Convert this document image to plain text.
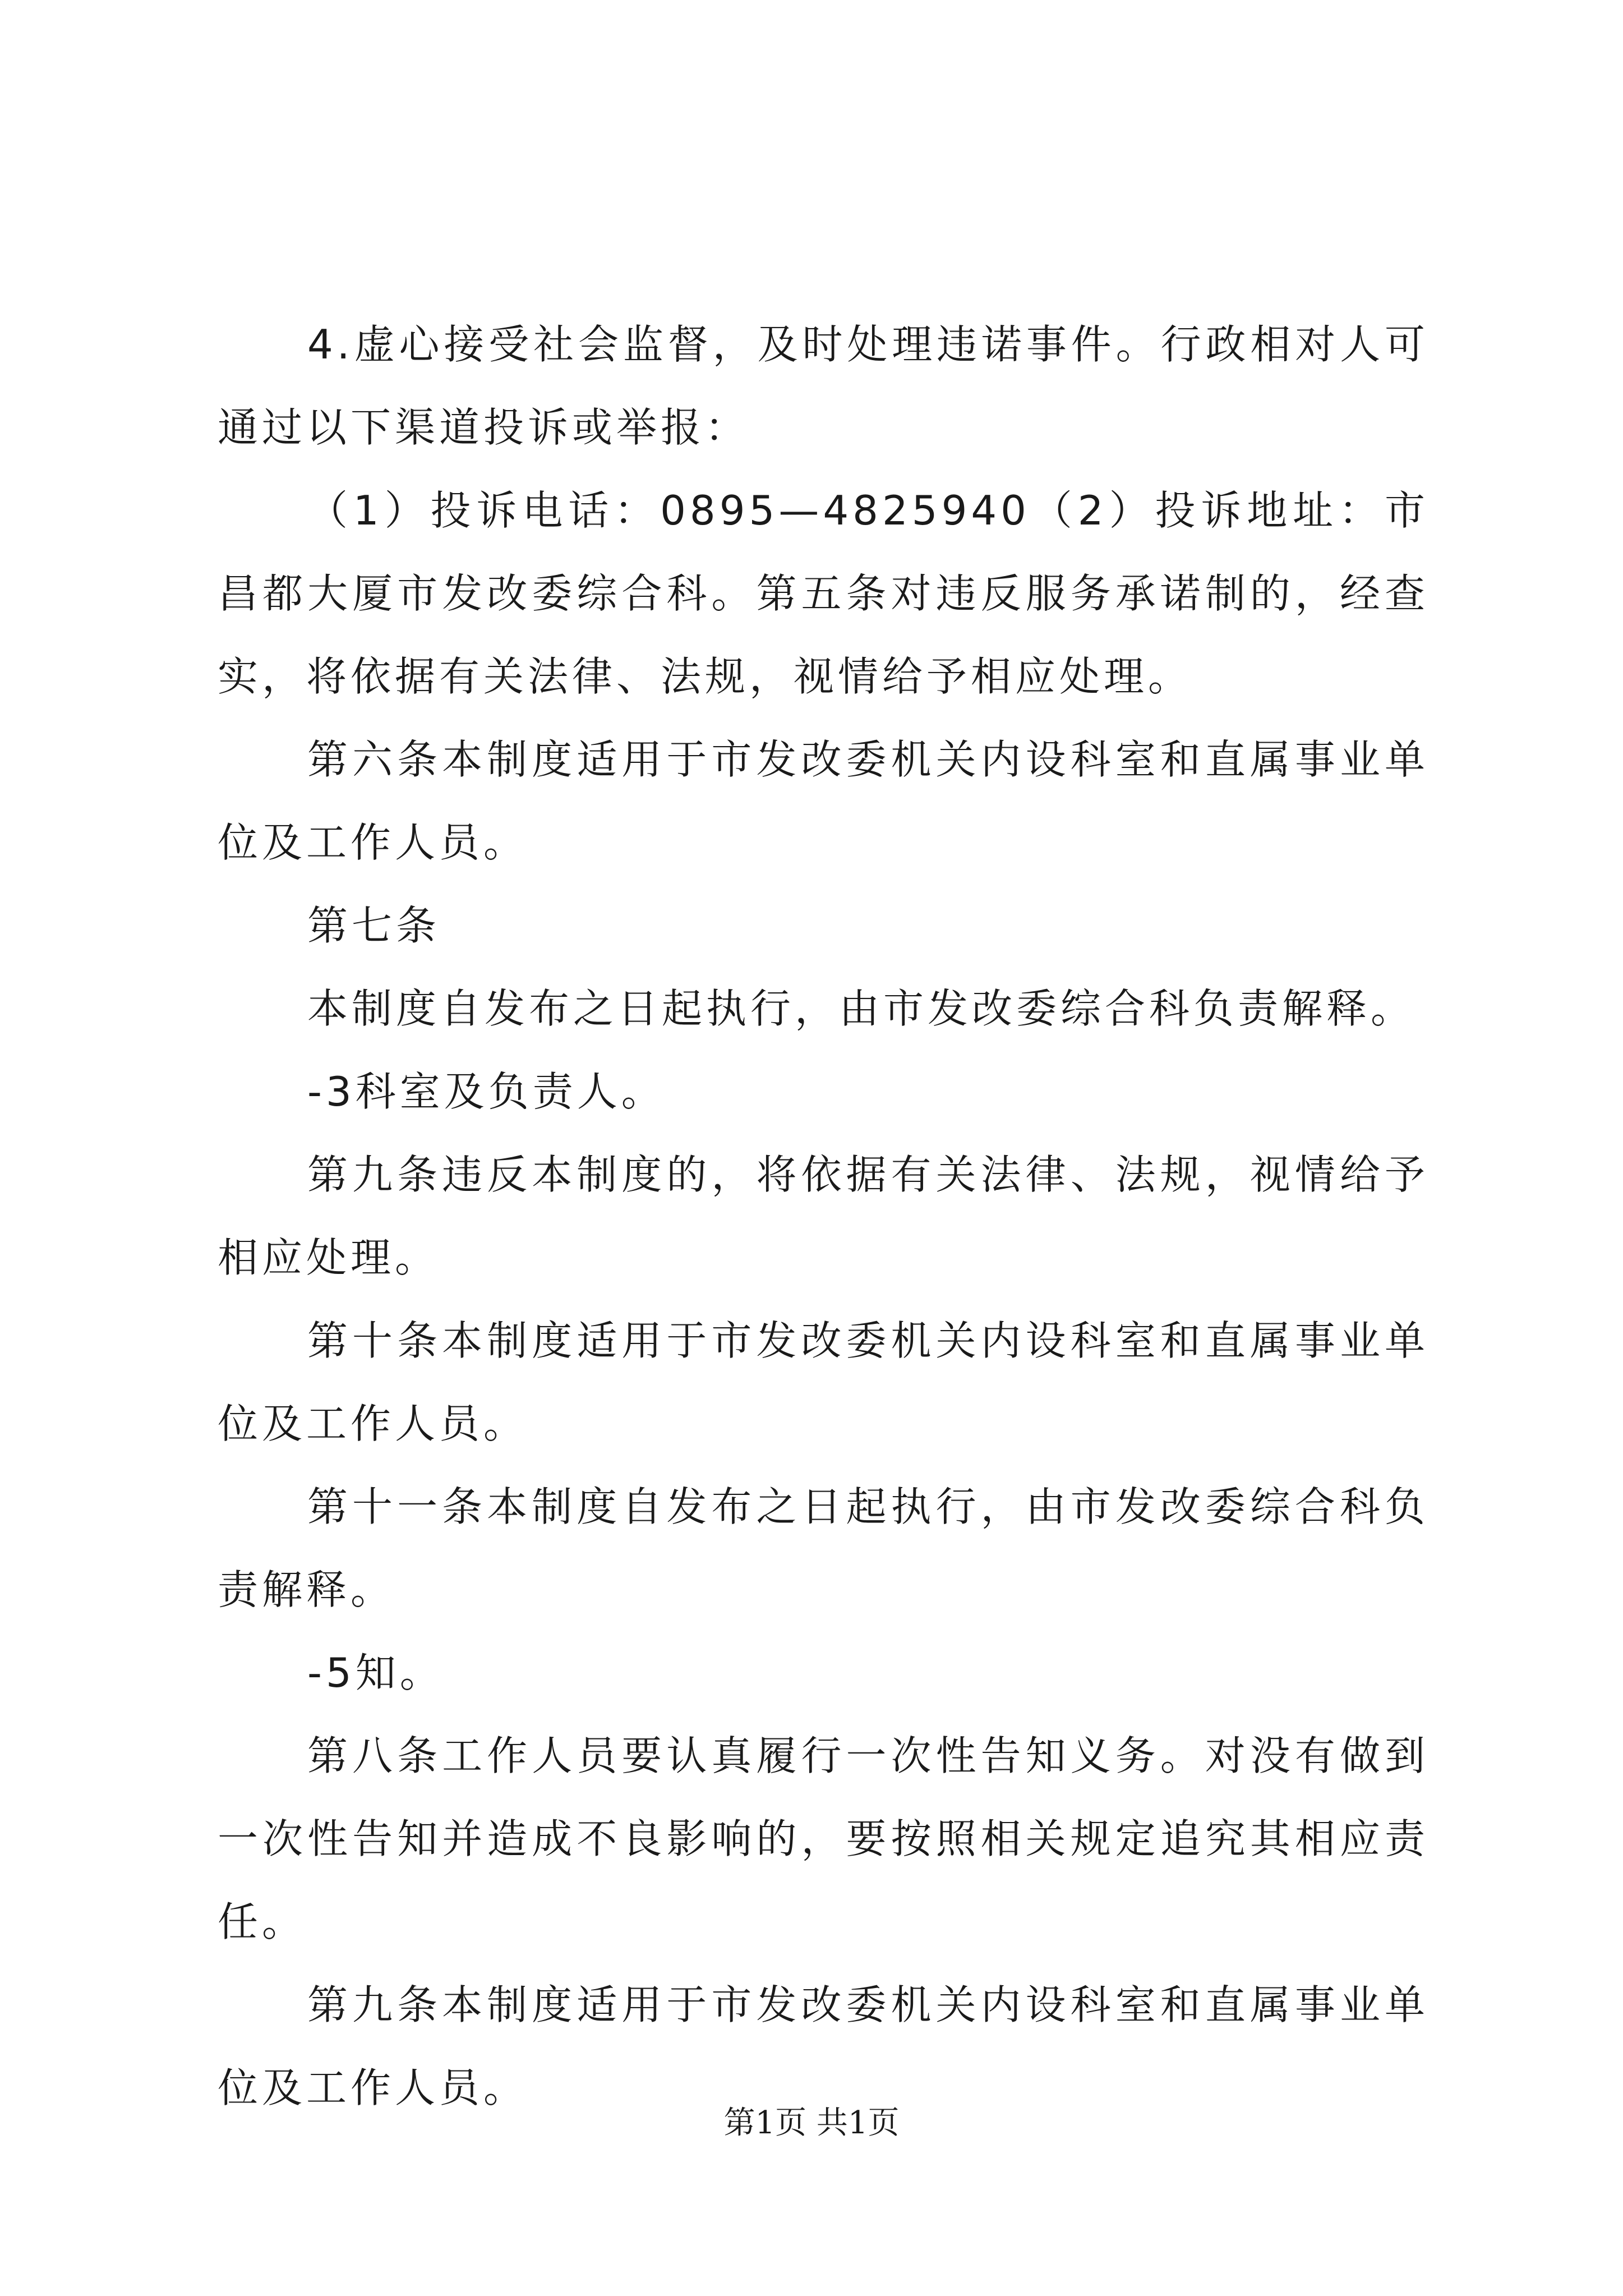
4.虚心接受社会监督，及时处理违诺事件。行政相对人可通过以下渠道投诉或举报：

（1）投诉电话：0895—4825940（2）投诉地址：市昌都大厦市发改委综合科。第五条对违反服务承诺制的，经查实，将依据有关法律、法规，视情给予相应处理。

第六条本制度适用于市发改委机关内设科室和直属事业单位及工作人员。

第七条

本制度自发布之日起执行，由市发改委综合科负责解释。

-3科室及负责人。

第九条违反本制度的，将依据有关法律、法规，视情给予相应处理。

第十条本制度适用于市发改委机关内设科室和直属事业单位及工作人员。

第十一条本制度自发布之日起执行，由市发改委综合科负责解释。

-5知。

第八条工作人员要认真履行一次性告知义务。对没有做到一次性告知并造成不良影响的，要按照相关规定追究其相应责任。

第九条本制度适用于市发改委机关内设科室和直属事业单位及工作人员。

第1页 共1页
